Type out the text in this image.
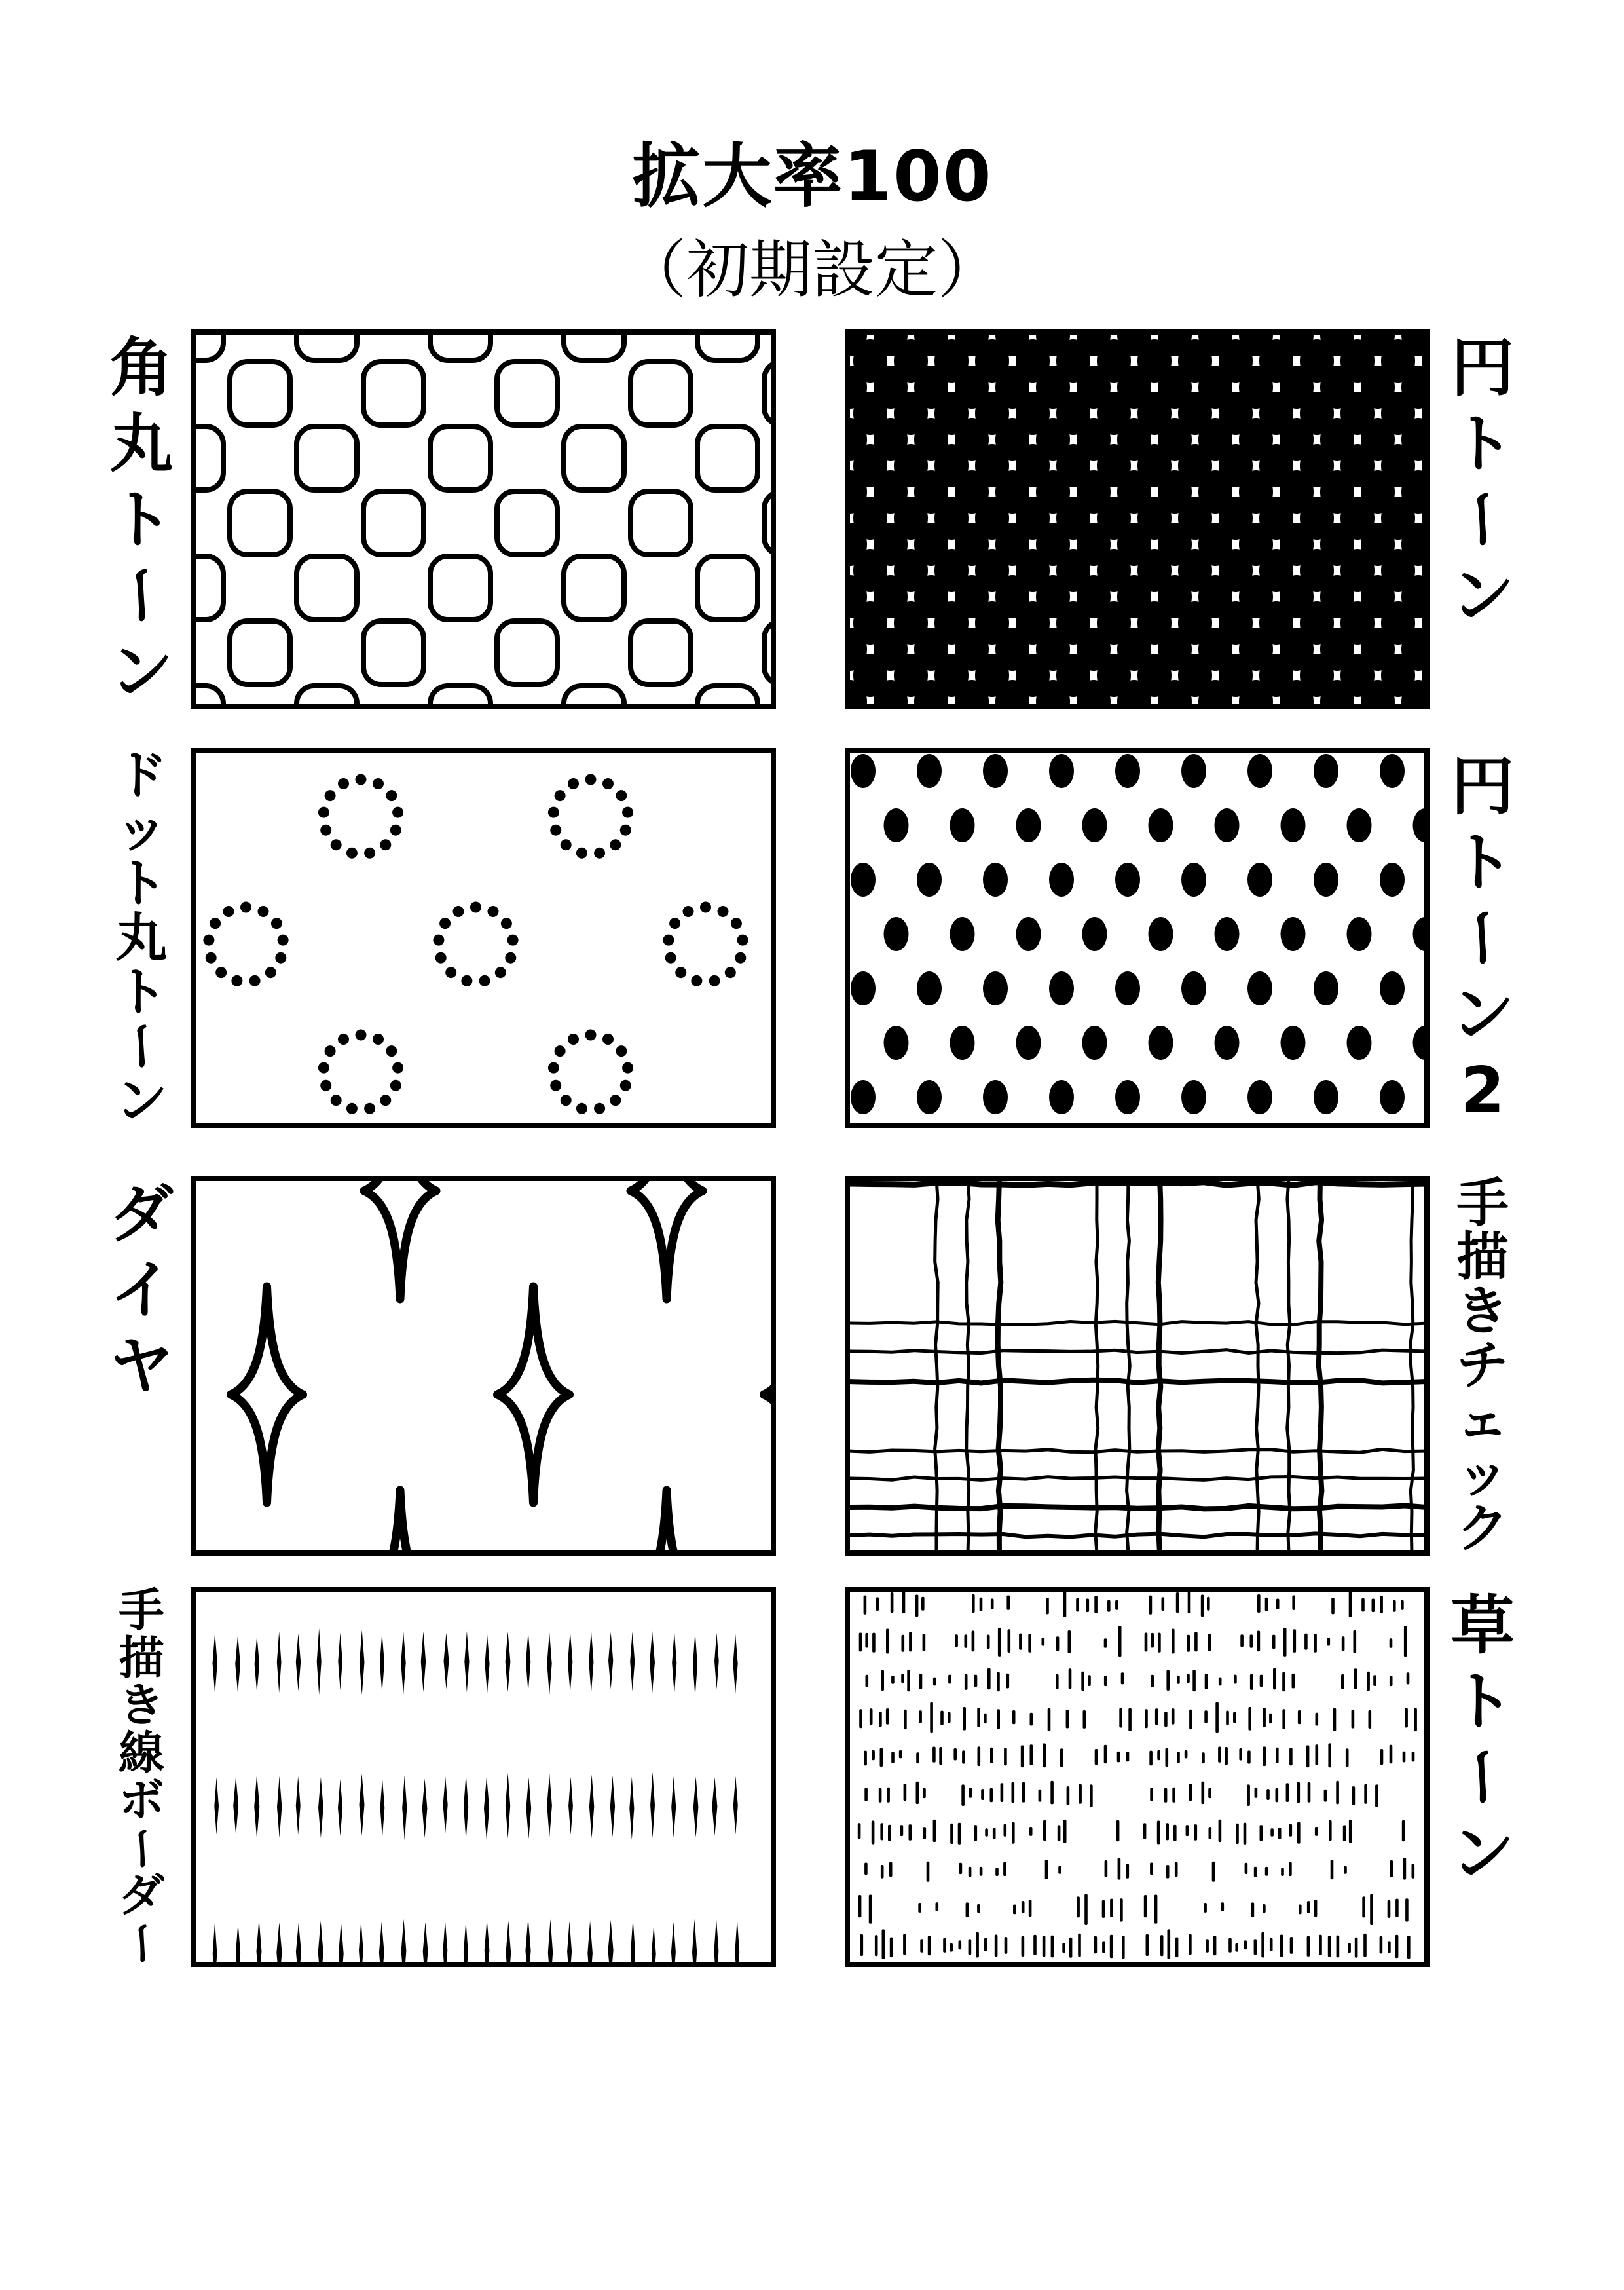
拡大率100
（初期設定）
角
丸
ト
ー
ン
円
ト
ー
ン
ド
ッ
ト
丸
ト
ー
ン
円
ト
ー
ン
2
ダ
イ
ヤ
手
描
き
チ
ェ
ッ
ク
手
描
き
線
ボ
ー
ダ
ー
草
ト
ー
ン
